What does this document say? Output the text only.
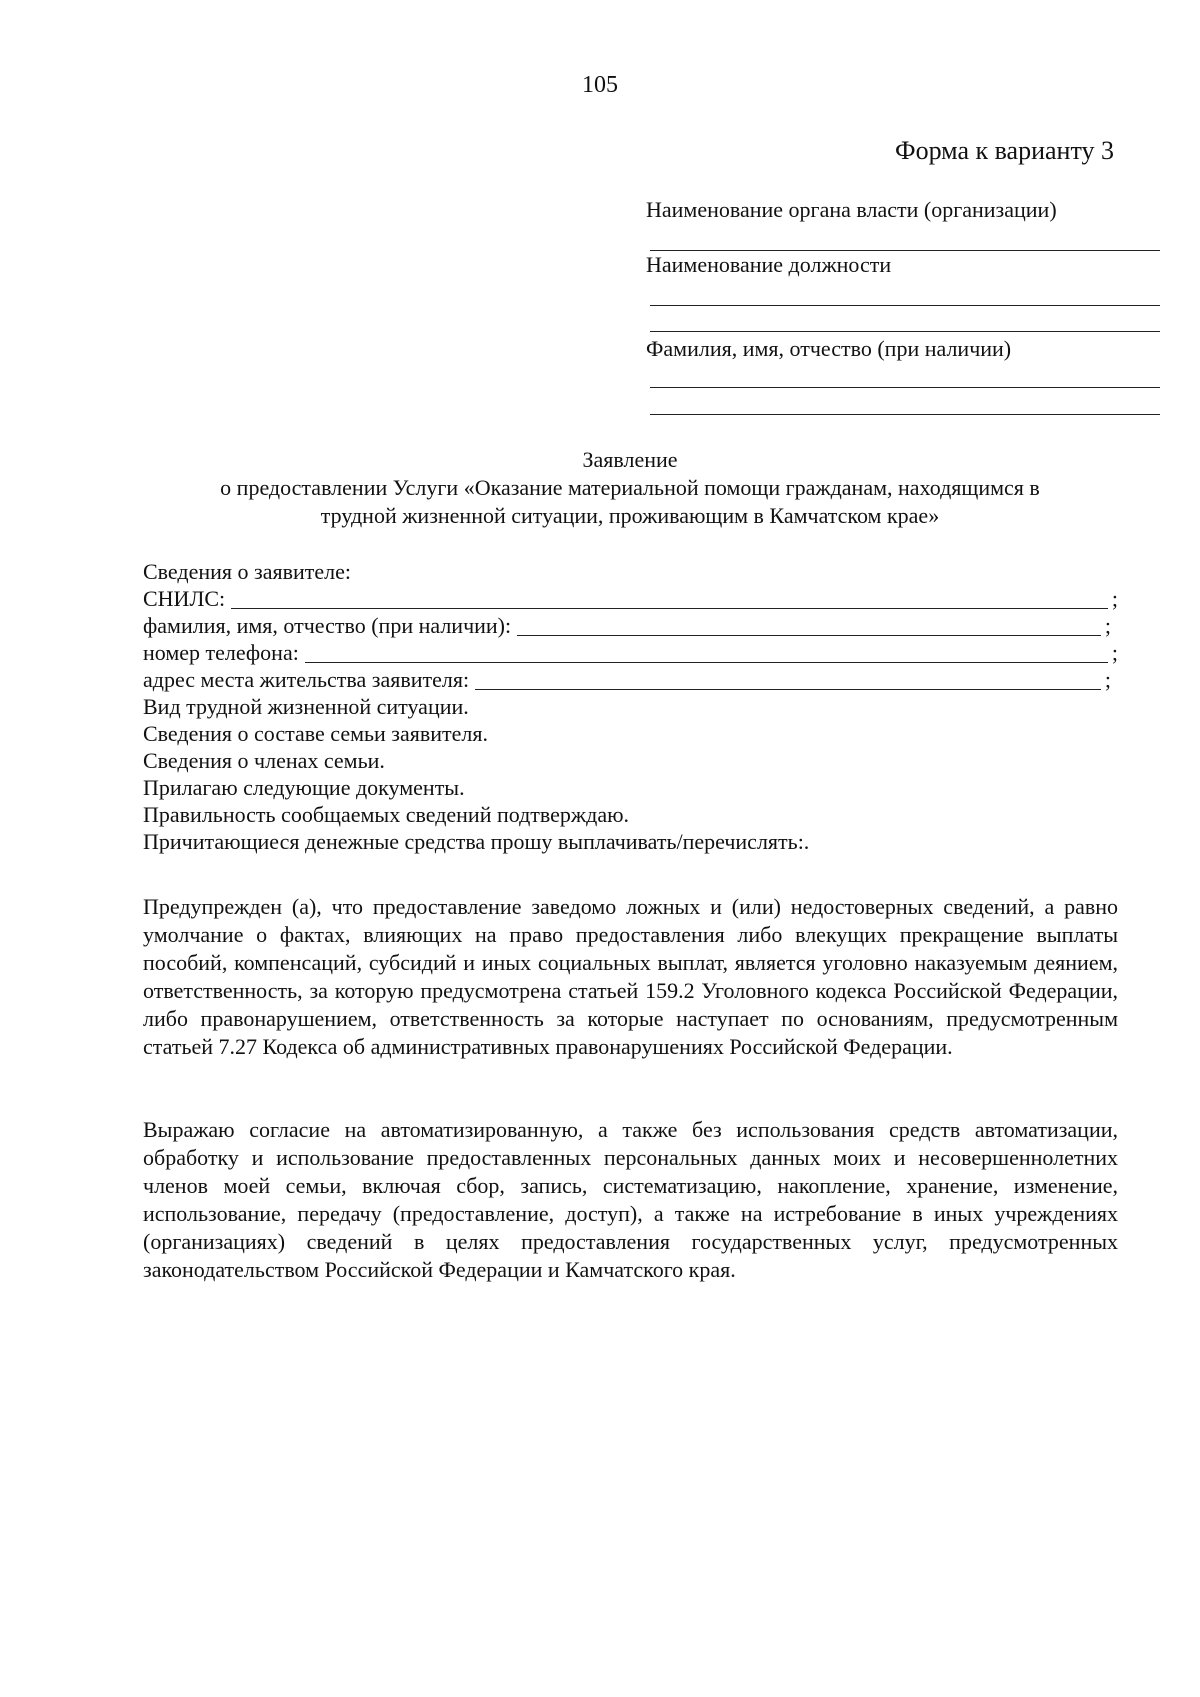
105
Форма к варианту 3
Наименование органа власти (организации)
Наименование должности
Фамилия, имя, отчество (при наличии)
Заявление
о предоставлении Услуги «Оказание материальной помощи гражданам, находящимся в
трудной жизненной ситуации, проживающим в Камчатском крае»
Сведения о заявителе:
СНИЛС:	;
фамилия, имя, отчество (при наличии):	;
номер телефона:	;
адрес места жительства заявителя:	;
Вид трудной жизненной ситуации.
Сведения о составе семьи заявителя.
Сведения о членах семьи.
Прилагаю следующие документы.
Правильность сообщаемых сведений подтверждаю.
Причитающиеся денежные средства прошу выплачивать/перечислять:.
Предупрежден (а), что предоставление заведомо ложных и (или) недостоверных сведений, а равно умолчание о фактах, влияющих на право предоставления либо влекущих прекращение выплаты пособий, компенсаций, субсидий и иных социальных выплат, является уголовно наказуемым деянием, ответственность, за которую предусмотрена статьей 159.2 Уголовного кодекса Российской Федерации, либо правонарушением, ответственность за которые наступает по основаниям, предусмотренным статьей 7.27 Кодекса об административных правонарушениях Российской Федерации.
Выражаю согласие на автоматизированную, а также без использования средств автоматизации, обработку и использование предоставленных персональных данных моих и несовершеннолетних членов моей семьи, включая сбор, запись, систематизацию, накопление, хранение, изменение, использование, передачу (предоставление, доступ), а также на истребование в иных учреждениях (организациях) сведений в целях предоставления государственных услуг, предусмотренных законодательством Российской Федерации и Камчатского края.
